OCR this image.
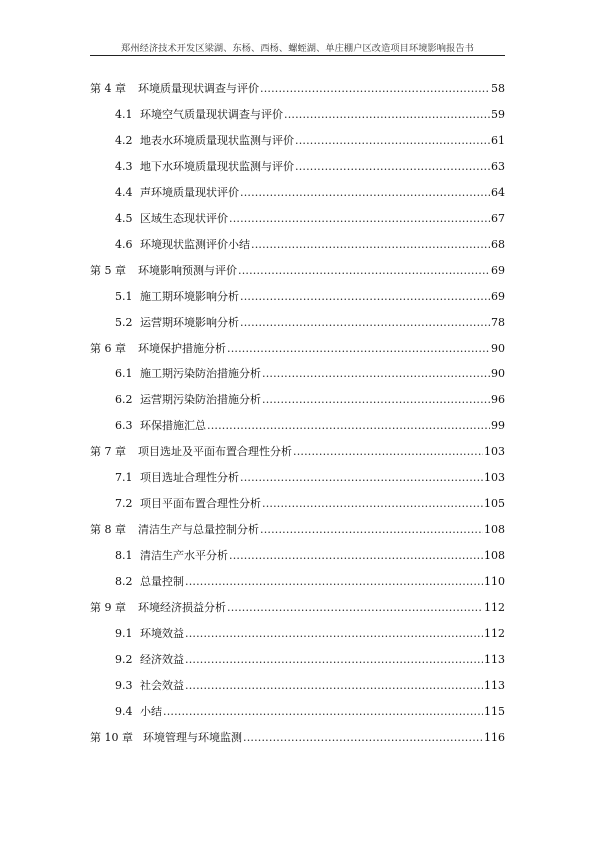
郑州经济技术开发区梁湖、东杨、西杨、螺蛭湖、单庄棚户区改造项目环境影响报告书
第 4 章 环境质量现状调查与评价 .....	58
4.1 环境空气质量现状调查与评价 .....	59
4.2 地表水环境质量现状监测与评价 .....	61
4.3 地下水环境质量现状监测与评价 .....	63
4.4 声环境质量现状评价 .....	64
4.5 区域生态现状评价 .....	67
4.6 环境现状监测评价小结 .....	68
第 5 章 环境影响预测与评价 .....	69
5.1 施工期环境影响分析 .....	69
5.2 运营期环境影响分析 .....	78
第 6 章 环境保护措施分析 .....	90
6.1 施工期污染防治措施分析 .....	90
6.2 运营期污染防治措施分析 .....	96
6.3 环保措施汇总 .....	99
第 7 章 项目选址及平面布置合理性分析 .....	103
7.1 项目选址合理性分析 .....	103
7.2 项目平面布置合理性分析 .....	105
第 8 章 清洁生产与总量控制分析 .....	108
8.1 清洁生产水平分析 .....	108
8.2 总量控制 .....	110
第 9 章 环境经济损益分析 .....	112
9.1 环境效益 .....	112
9.2 经济效益 .....	113
9.3 社会效益 .....	113
9.4 小结 .....	115
第 10 章 环境管理与环境监测 .....	116
